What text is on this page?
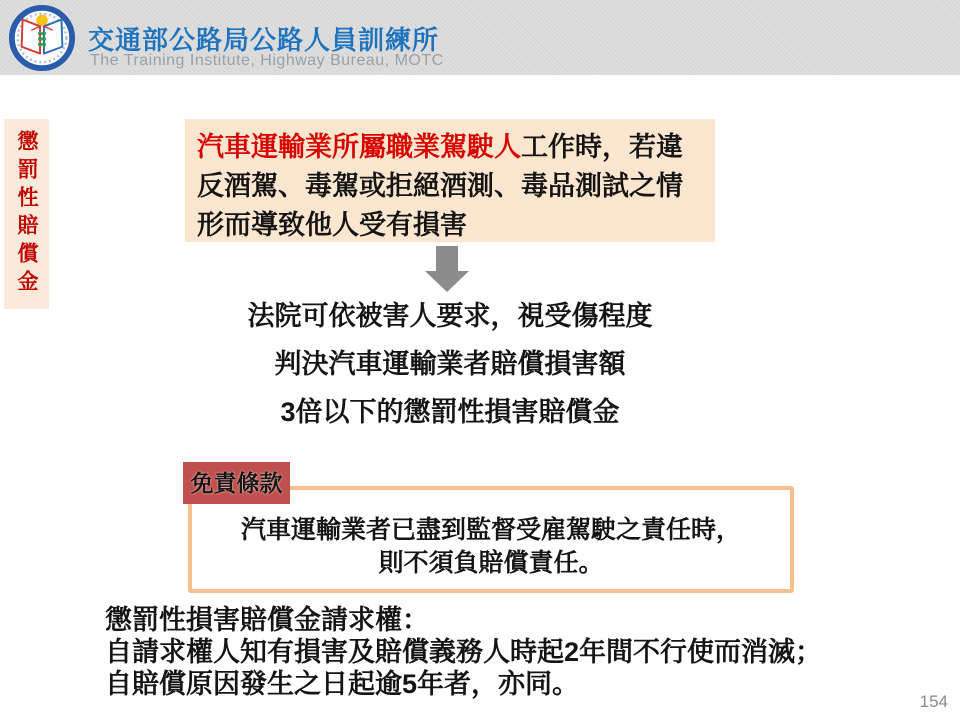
交通部公路局公路人員訓練所
The Training Institute, Highway Bureau, MOTC
懲罰性賠償金	汽車運輸業所屬職業駕駛人工作時，若違反酒駕、毒駕或拒絕酒測、毒品測試之情形而導致他人受有損害
法院可依被害人要求，視受傷程度
判決汽車運輸業者賠償損害額
3倍以下的懲罰性損害賠償金
免責條款
汽車運輸業者已盡到監督受雇駕駛之責任時，
則不須負賠償責任。
懲罰性損害賠償金請求權：
自請求權人知有損害及賠償義務人時起2年間不行使而消滅；
自賠償原因發生之日起逾5年者，亦同。
154
